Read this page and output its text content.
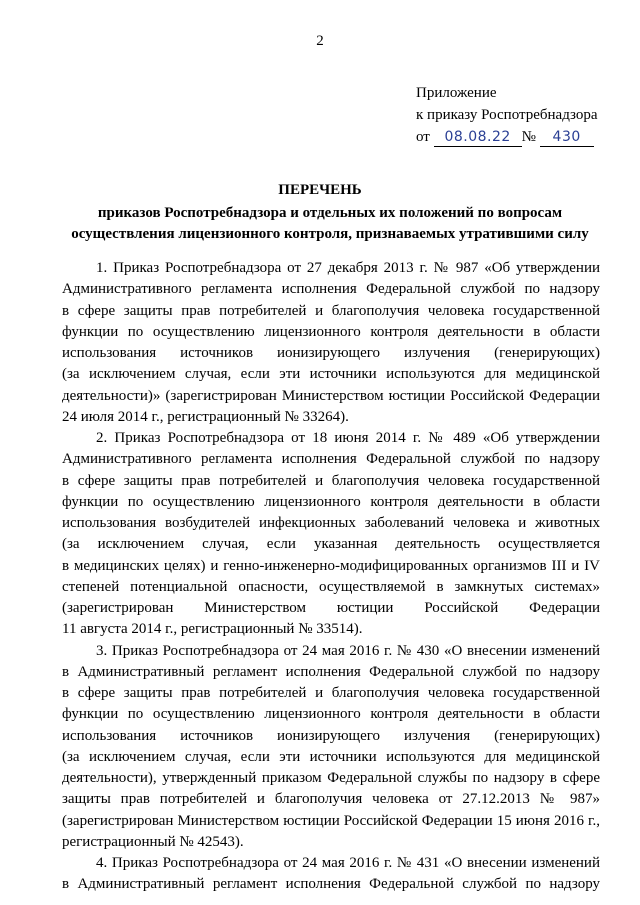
2
Приложение
к приказу Роспотребнадзора
от 08.08.22 № 430
ПЕРЕЧЕНЬ
приказов Роспотребнадзора и отдельных их положений по вопросам
осуществления лицензионного контроля, признаваемых утратившими силу
1. Приказ Роспотребнадзора от 27 декабря 2013 г. № 987 «Об утверждении
Административного регламента исполнения Федеральной службой по надзору
в сфере защиты прав потребителей и благополучия человека государственной
функции по осуществлению лицензионного контроля деятельности в области
использования источников ионизирующего излучения (генерирующих)
(за исключением случая, если эти источники используются для медицинской
деятельности)» (зарегистрирован Министерством юстиции Российской Федерации
24 июля 2014 г., регистрационный № 33264).
2. Приказ Роспотребнадзора от 18 июня 2014 г. № 489 «Об утверждении
Административного регламента исполнения Федеральной службой по надзору
в сфере защиты прав потребителей и благополучия человека государственной
функции по осуществлению лицензионного контроля деятельности в области
использования возбудителей инфекционных заболеваний человека и животных
(за исключением случая, если указанная деятельность осуществляется
в медицинских целях) и генно-инженерно-модифицированных организмов III и IV
степеней потенциальной опасности, осуществляемой в замкнутых системах»
(зарегистрирован Министерством юстиции Российской Федерации
11 августа 2014 г., регистрационный № 33514).
3. Приказ Роспотребнадзора от 24 мая 2016 г. № 430 «О внесении изменений
в Административный регламент исполнения Федеральной службой по надзору
в сфере защиты прав потребителей и благополучия человека государственной
функции по осуществлению лицензионного контроля деятельности в области
использования источников ионизирующего излучения (генерирующих)
(за исключением случая, если эти источники используются для медицинской
деятельности), утвержденный приказом Федеральной службы по надзору в сфере
защиты прав потребителей и благополучия человека от 27.12.2013 № 987»
(зарегистрирован Министерством юстиции Российской Федерации 15 июня 2016 г.,
регистрационный № 42543).
4. Приказ Роспотребнадзора от 24 мая 2016 г. № 431 «О внесении изменений
в Административный регламент исполнения Федеральной службой по надзору
